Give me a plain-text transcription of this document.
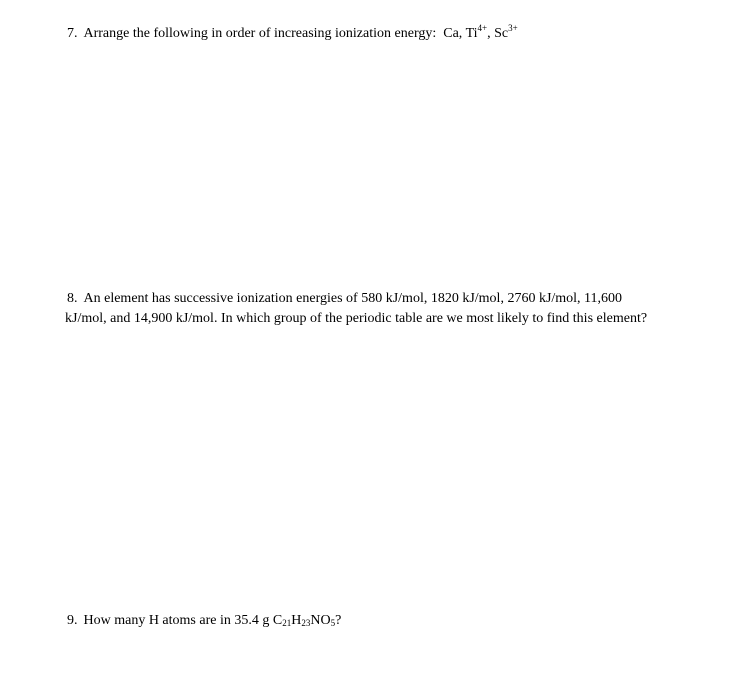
7. Arrange the following in order of increasing ionization energy: Ca, $Ti^{4+}$, $Sc^{3+}$
8. An element has successive ionization energies of 580 kJ/mol, 1820 kJ/mol, 2760 kJ/mol, 11,600
kJ/mol, and 14,900 kJ/mol. In which group of the periodic table are we most likely to find this element?
9. How many H atoms are in 35.4 g $C_{21}H_{23}NO_5$?
